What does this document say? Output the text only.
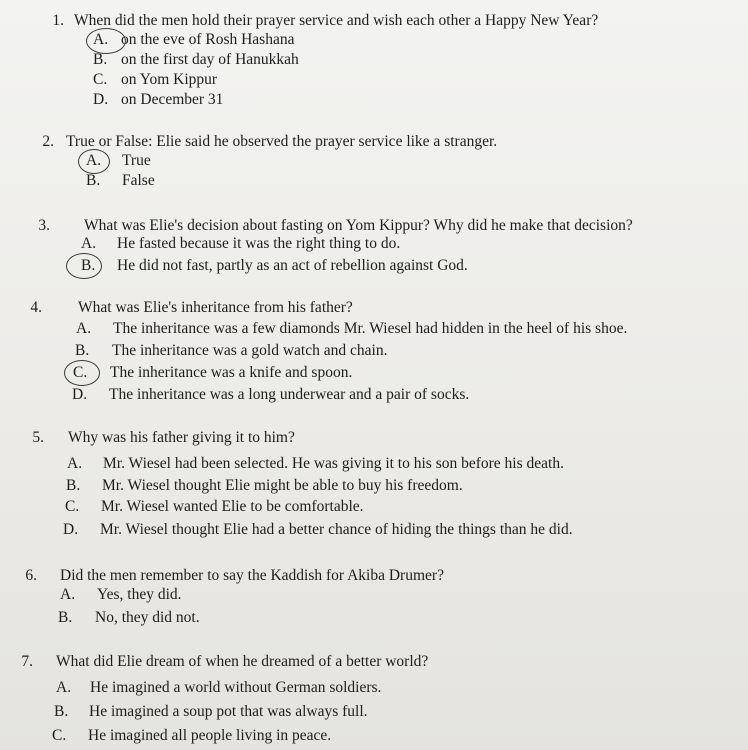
1. When did the men hold their prayer service and wish each other a Happy New Year?
A. on the eve of Rosh Hashana
B. on the first day of Hanukkah
C. on Yom Kippur
D. on December 31
2. True or False: Elie said he observed the prayer service like a stranger.
A. True
B. False
3. What was Elie's decision about fasting on Yom Kippur? Why did he make that decision?
A. He fasted because it was the right thing to do.
B. He did not fast, partly as an act of rebellion against God.
4. What was Elie's inheritance from his father?
A. The inheritance was a few diamonds Mr. Wiesel had hidden in the heel of his shoe.
B. The inheritance was a gold watch and chain.
C. The inheritance was a knife and spoon.
D. The inheritance was a long underwear and a pair of socks.
5. Why was his father giving it to him?
A. Mr. Wiesel had been selected. He was giving it to his son before his death.
B. Mr. Wiesel thought Elie might be able to buy his freedom.
C. Mr. Wiesel wanted Elie to be comfortable.
D. Mr. Wiesel thought Elie had a better chance of hiding the things than he did.
6. Did the men remember to say the Kaddish for Akiba Drumer?
A. Yes, they did.
B. No, they did not.
7. What did Elie dream of when he dreamed of a better world?
A. He imagined a world without German soldiers.
B. He imagined a soup pot that was always full.
C. He imagined all people living in peace.
